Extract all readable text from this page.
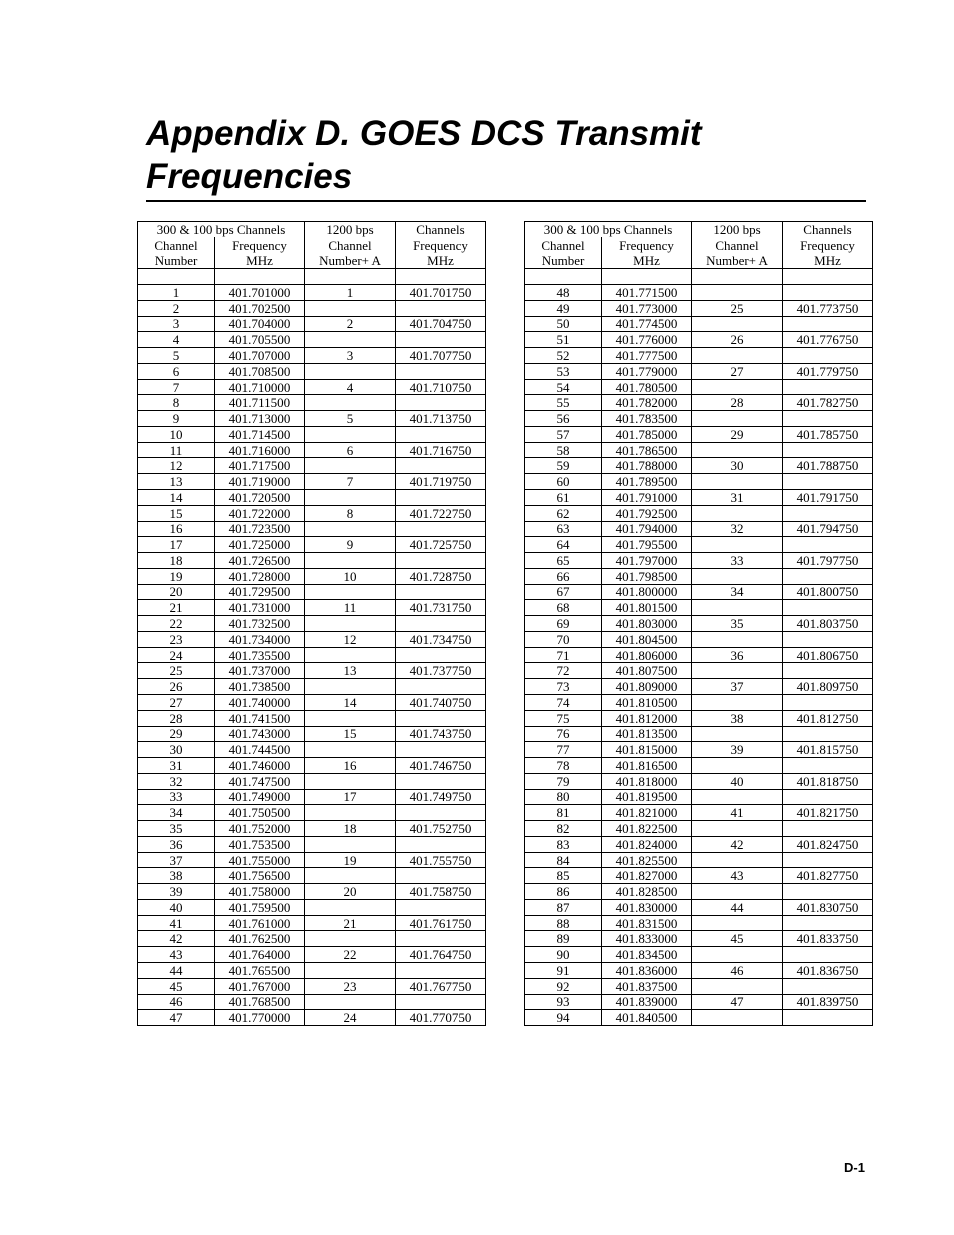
Appendix D. GOES DCS Transmit
Frequencies
300 & 100 bps Channels		1200 bps	Channels
Channel	Frequency	Channel	Frequency
Number	MHz	Number+ A	MHz

1	401.701000	1	401.701750
2	401.702500		
3	401.704000	2	401.704750
4	401.705500		
5	401.707000	3	401.707750
6	401.708500		
7	401.710000	4	401.710750
8	401.711500		
9	401.713000	5	401.713750
10	401.714500		
11	401.716000	6	401.716750
12	401.717500		
13	401.719000	7	401.719750
14	401.720500		
15	401.722000	8	401.722750
16	401.723500		
17	401.725000	9	401.725750
18	401.726500		
19	401.728000	10	401.728750
20	401.729500		
21	401.731000	11	401.731750
22	401.732500		
23	401.734000	12	401.734750
24	401.735500		
25	401.737000	13	401.737750
26	401.738500		
27	401.740000	14	401.740750
28	401.741500		
29	401.743000	15	401.743750
30	401.744500		
31	401.746000	16	401.746750
32	401.747500		
33	401.749000	17	401.749750
34	401.750500		
35	401.752000	18	401.752750
36	401.753500		
37	401.755000	19	401.755750
38	401.756500		
39	401.758000	20	401.758750
40	401.759500		
41	401.761000	21	401.761750
42	401.762500		
43	401.764000	22	401.764750
44	401.765500		
45	401.767000	23	401.767750
46	401.768500		
47	401.770000	24	401.770750
300 & 100 bps Channels		1200 bps	Channels
Channel	Frequency	Channel	Frequency
Number	MHz	Number+ A	MHz

48	401.771500		
49	401.773000	25	401.773750
50	401.774500		
51	401.776000	26	401.776750
52	401.777500		
53	401.779000	27	401.779750
54	401.780500		
55	401.782000	28	401.782750
56	401.783500		
57	401.785000	29	401.785750
58	401.786500		
59	401.788000	30	401.788750
60	401.789500		
61	401.791000	31	401.791750
62	401.792500		
63	401.794000	32	401.794750
64	401.795500		
65	401.797000	33	401.797750
66	401.798500		
67	401.800000	34	401.800750
68	401.801500		
69	401.803000	35	401.803750
70	401.804500		
71	401.806000	36	401.806750
72	401.807500		
73	401.809000	37	401.809750
74	401.810500		
75	401.812000	38	401.812750
76	401.813500		
77	401.815000	39	401.815750
78	401.816500		
79	401.818000	40	401.818750
80	401.819500		
81	401.821000	41	401.821750
82	401.822500		
83	401.824000	42	401.824750
84	401.825500		
85	401.827000	43	401.827750
86	401.828500		
87	401.830000	44	401.830750
88	401.831500		
89	401.833000	45	401.833750
90	401.834500		
91	401.836000	46	401.836750
92	401.837500		
93	401.839000	47	401.839750
94	401.840500		

D-1
